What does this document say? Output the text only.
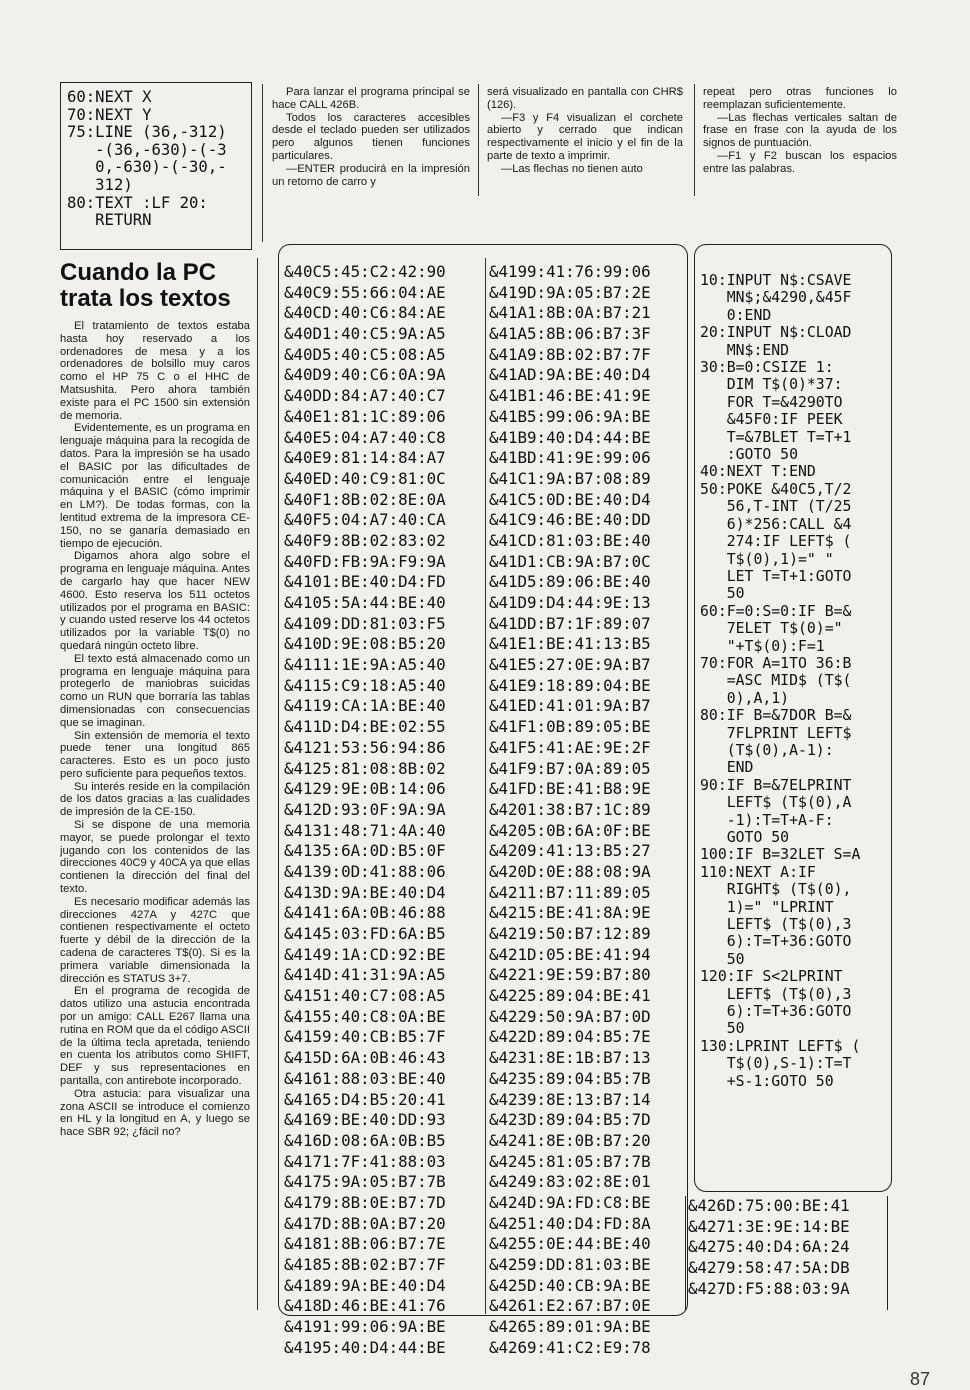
60:NEXT X
70:NEXT Y
75:LINE (36,-312)
-(36,-630)-(-3
0,-630)-(-30,-
312)
80:TEXT :LF 20:
RETURN

Para lanzar el programa principal se hace CALL 426B.

Todos los caracteres accesibles desde el teclado pueden ser utilizados pero algunos tienen funciones particulares.

—ENTER producirá en la impresión un retorno de carro y

será visualizado en pantalla con CHR$ (126).

—F3 y F4 visualizan el corchete abierto y cerrado que indican respectivamente el inicio y el fin de la parte de texto a imprimir.

—Las flechas no tienen auto

repeat pero otras funciones lo reemplazan suficientemente.

—Las flechas verticales saltan de frase en frase con la ayuda de los signos de puntuación.

—F1 y F2 buscan los espacios entre las palabras.

Cuando la PC trata los textos

El tratamiento de textos estaba hasta hoy reservado a los ordenadores de mesa y a los ordenadores de bolsillo muy caros como el HP 75 C o el HHC de Matsushita. Pero ahora también existe para el PC 1500 sin extensión de memoria.

Evidentemente, es un programa en lenguaje máquina para la recogida de datos. Para la impresión se ha usado el BASIC por las dificultades de comunicación entre el lenguaje máquina y el BASIC (cómo imprimir en LM?). De todas formas, con la lentitud extrema de la impresora CE-150, no se ganaría demasiado en tiempo de ejecución.

Digamos ahora algo sobre el programa en lenguaje máquina. Antes de cargarlo hay que hacer NEW 4600. Esto reserva los 511 octetos utilizados por el programa en BASIC: y cuando usted reserve los 44 octetos utilizados por la variable T$(0) no quedará ningún octeto libre.

El texto está almacenado como un programa en lenguaje máquina para protegerlo de maniobras suicidas como un RUN que borraría las tablas dimensionadas con consecuencias que se imaginan.

Sin extensión de memoria el texto puede tener una longitud 865 caracteres. Esto es un poco justo pero suficiente para pequeños textos.

Su interés reside en la compilación de los datos gracias a las cualidades de impresión de la CE-150.

Si se dispone de una memoria mayor, se puede prolongar el texto jugando con los contenidos de las direcciones 40C9 y 40CA ya que ellas contienen la dirección del final del texto.

Es necesario modificar además las direcciones 427A y 427C que contienen respectivamente el octeto fuerte y débil de la dirección de la cadena de caracteres T$(0). Si es la primera variable dimensionada la dirección es STATUS 3+7.

En el programa de recogida de datos utilizo una astucia encontrada por un amigo: CALL E267 llama una rutina en ROM que da el código ASCII de la última tecla apretada, teniendo en cuenta los atributos como SHIFT, DEF y sus representaciones en pantalla, con antirebote incorporado.

Otra astucia: para visualizar una zona ASCII se introduce el comienzo en HL y la longitud en A, y luego se hace SBR 92; ¿fácil no?

&40C5:45:C2:42:90
&40C9:55:66:04:AE
&40CD:40:C6:84:AE
&40D1:40:C5:9A:A5
&40D5:40:C5:08:A5
&40D9:40:C6:0A:9A
&40DD:84:A7:40:C7
&40E1:81:1C:89:06
&40E5:04:A7:40:C8
&40E9:81:14:84:A7
&40ED:40:C9:81:0C
&40F1:8B:02:8E:0A
&40F5:04:A7:40:CA
&40F9:8B:02:83:02
&40FD:FB:9A:F9:9A
&4101:BE:40:D4:FD
&4105:5A:44:BE:40
&4109:DD:81:03:F5
&410D:9E:08:B5:20
&4111:1E:9A:A5:40
&4115:C9:18:A5:40
&4119:CA:1A:BE:40
&411D:D4:BE:02:55
&4121:53:56:94:86
&4125:81:08:8B:02
&4129:9E:0B:14:06
&412D:93:0F:9A:9A
&4131:48:71:4A:40
&4135:6A:0D:B5:0F
&4139:0D:41:88:06
&413D:9A:BE:40:D4
&4141:6A:0B:46:88
&4145:03:FD:6A:B5
&4149:1A:CD:92:BE
&414D:41:31:9A:A5
&4151:40:C7:08:A5
&4155:40:C8:0A:BE
&4159:40:CB:B5:7F
&415D:6A:0B:46:43
&4161:88:03:BE:40
&4165:D4:B5:20:41
&4169:BE:40:DD:93
&416D:08:6A:0B:B5
&4171:7F:41:88:03
&4175:9A:05:B7:7B
&4179:8B:0E:B7:7D
&417D:8B:0A:B7:20
&4181:8B:06:B7:7E
&4185:8B:02:B7:7F
&4189:9A:BE:40:D4
&418D:46:BE:41:76
&4191:99:06:9A:BE
&4195:40:D4:44:BE
&4199:41:76:99:06
&419D:9A:05:B7:2E
&41A1:8B:0A:B7:21
&41A5:8B:06:B7:3F
&41A9:8B:02:B7:7F
&41AD:9A:BE:40:D4
&41B1:46:BE:41:9E
&41B5:99:06:9A:BE
&41B9:40:D4:44:BE
&41BD:41:9E:99:06
&41C1:9A:B7:08:89
&41C5:0D:BE:40:D4
&41C9:46:BE:40:DD
&41CD:81:03:BE:40
&41D1:CB:9A:B7:0C
&41D5:89:06:BE:40
&41D9:D4:44:9E:13
&41DD:B7:1F:89:07
&41E1:BE:41:13:B5
&41E5:27:0E:9A:B7
&41E9:18:89:04:BE
&41ED:41:01:9A:B7
&41F1:0B:89:05:BE
&41F5:41:AE:9E:2F
&41F9:B7:0A:89:05
&41FD:BE:41:B8:9E
&4201:38:B7:1C:89
&4205:0B:6A:0F:BE
&4209:41:13:B5:27
&420D:0E:88:08:9A
&4211:B7:11:89:05
&4215:BE:41:8A:9E
&4219:50:B7:12:89
&421D:05:BE:41:94
&4221:9E:59:B7:80
&4225:89:04:BE:41
&4229:50:9A:B7:0D
&422D:89:04:B5:7E
&4231:8E:1B:B7:13
&4235:89:04:B5:7B
&4239:8E:13:B7:14
&423D:89:04:B5:7D
&4241:8E:0B:B7:20
&4245:81:05:B7:7B
&4249:83:02:8E:01
&424D:9A:FD:C8:BE
&4251:40:D4:FD:8A
&4255:0E:44:BE:40
&4259:DD:81:03:BE
&425D:40:CB:9A:BE
&4261:E2:67:B7:0E
&4265:89:01:9A:BE
&4269:41:C2:E9:78
10:INPUT N$:CSAVE
MN$;&4290,&45F
0:END
20:INPUT N$:CLOAD
MN$:END
30:B=0:CSIZE 1:
DIM T$(0)*37:
FOR T=&4290TO
&45F0:IF PEEK
T=&7BLET T=T+1
:GOTO 50
40:NEXT T:END
50:POKE &40C5,T/2
56,T-INT (T/25
6)*256:CALL &4
274:IF LEFT$ (
T$(0),1)=" "
LET T=T+1:GOTO
50
60:F=0:S=0:IF B=&
7ELET T$(0)="
"+T$(0):F=1
70:FOR A=1TO 36:B
=ASC MID$ (T$(
0),A,1)
80:IF B=&7DOR B=&
7FLPRINT LEFT$
(T$(0),A-1):
END
90:IF B=&7ELPRINT
LEFT$ (T$(0),A
-1):T=T+A-F:
GOTO 50
100:IF B=32LET S=A
110:NEXT A:IF
RIGHT$ (T$(0),
1)=" "LPRINT
LEFT$ (T$(0),3
6):T=T+36:GOTO
50
120:IF S<2LPRINT
LEFT$ (T$(0),3
6):T=T+36:GOTO
50
130:LPRINT LEFT$ (
T$(0),S-1):T=T
+S-1:GOTO 50
&426D:75:00:BE:41
&4271:3E:9E:14:BE
&4275:40:D4:6A:24
&4279:58:47:5A:DB
&427D:F5:88:03:9A
87
